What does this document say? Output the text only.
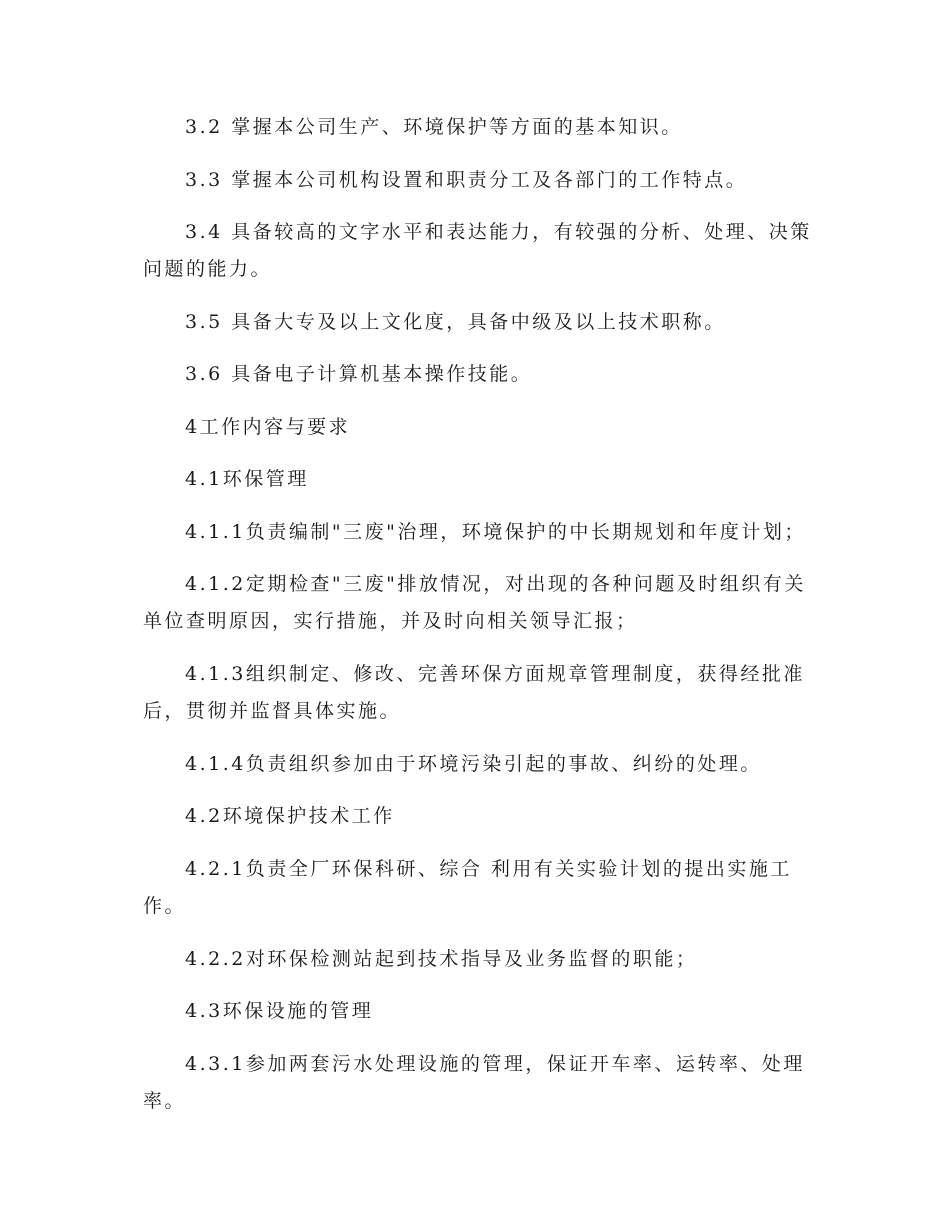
3.2 掌握本公司生产、环境保护等方面的基本知识。

3.3 掌握本公司机构设置和职责分工及各部门的工作特点。

3.4 具备较高的文字水平和表达能力，有较强的分析、处理、决策问题的能力。

3.5 具备大专及以上文化度，具备中级及以上技术职称。

3.6 具备电子计算机基本操作技能。

4工作内容与要求

4.1环保管理

4.1.1负责编制"三废"治理，环境保护的中长期规划和年度计划；

4.1.2定期检查"三废"排放情况，对出现的各种问题及时组织有关单位查明原因，实行措施，并及时向相关领导汇报；

4.1.3组织制定、修改、完善环保方面规章管理制度，获得经批准后，贯彻并监督具体实施。

4.1.4负责组织参加由于环境污染引起的事故、纠纷的处理。

4.2环境保护技术工作

4.2.1负责全厂环保科研、综合 利用有关实验计划的提出实施工作。

4.2.2对环保检测站起到技术指导及业务监督的职能；

4.3环保设施的管理

4.3.1参加两套污水处理设施的管理，保证开车率、运转率、处理率。
